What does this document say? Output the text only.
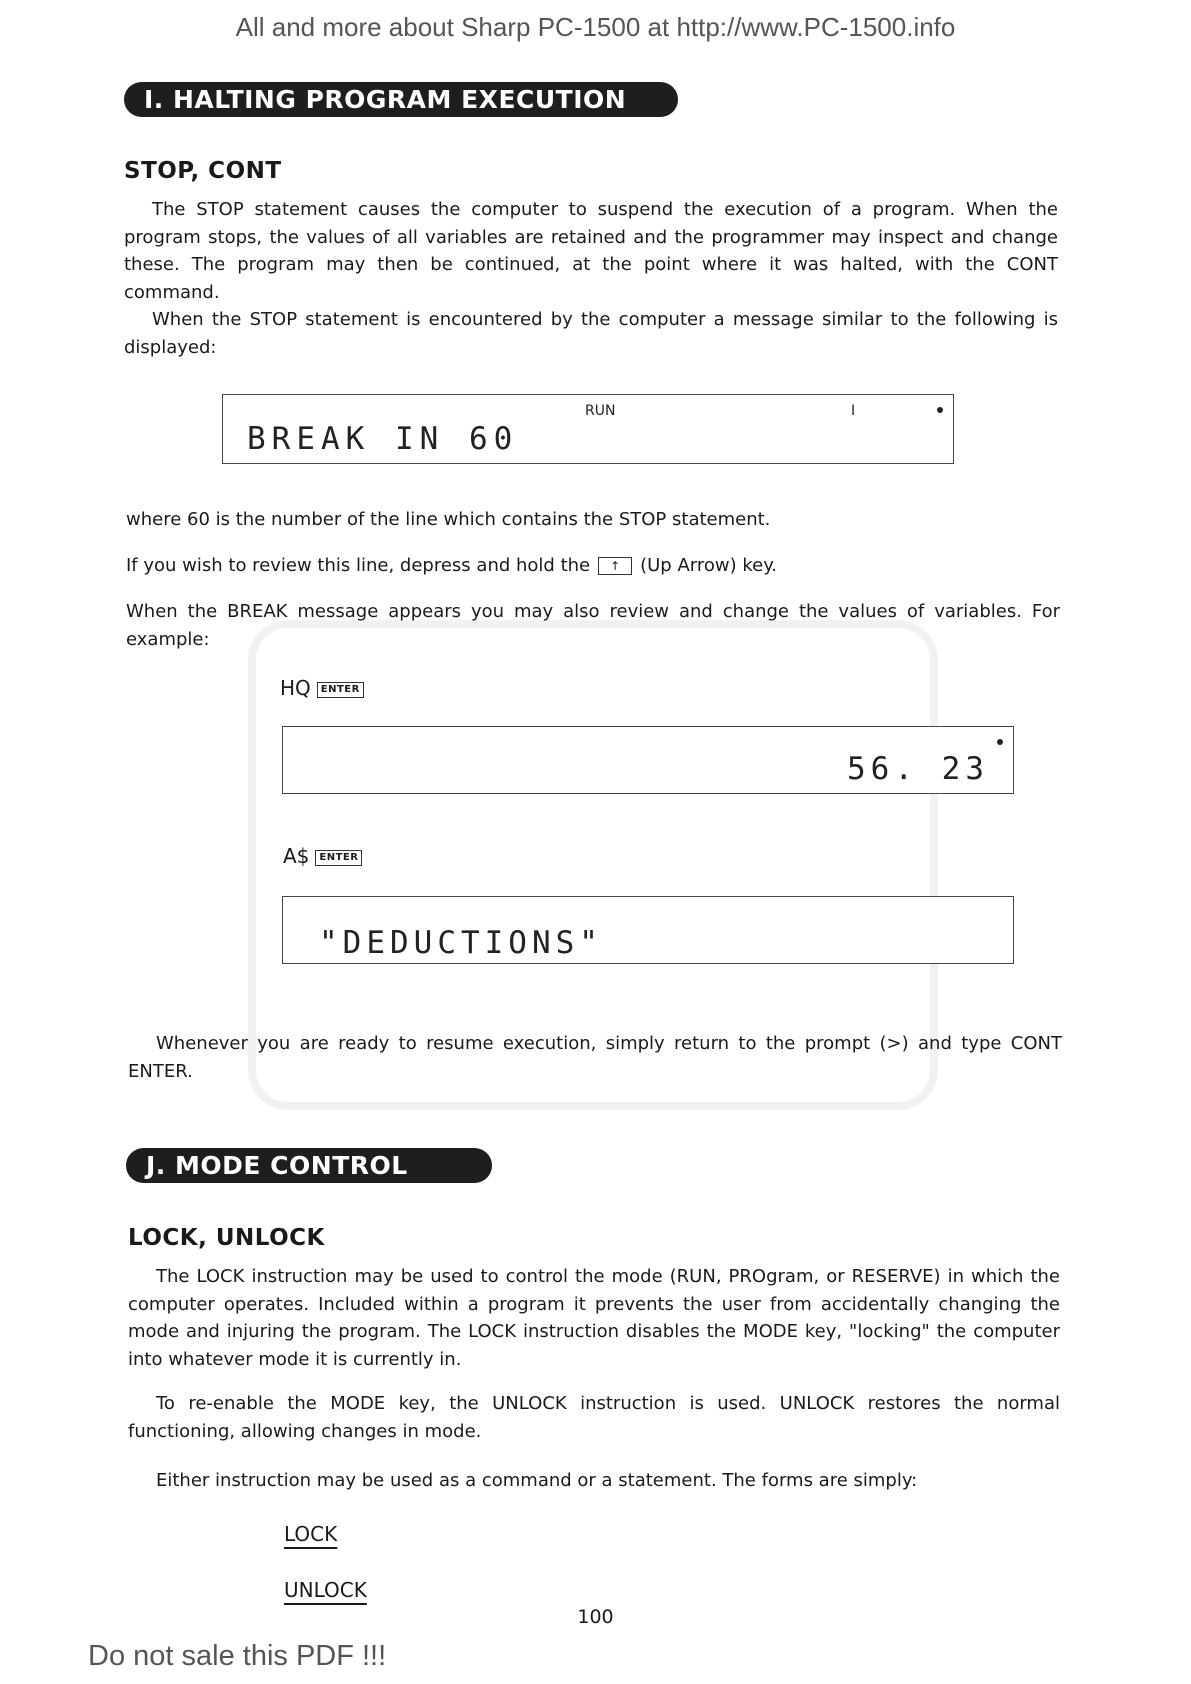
All and more about Sharp PC-1500 at http://www.PC-1500.info
I. HALTING PROGRAM EXECUTION
STOP, CONT

The STOP statement causes the computer to suspend the execution of a program. When the program stops, the values of all variables are retained and the programmer may inspect and change these. The program may then be continued, at the point where it was halted, with the CONT command.

When the STOP statement is encountered by the computer a message similar to the following is displayed:

RUN	I
BREAK IN 60

where 60 is the number of the line which contains the STOP statement.

If you wish to review this line, depress and hold the ↑ (Up Arrow) key.

When the BREAK message appears you may also review and change the values of variables. For example:

HQ ENTER
56. 23
A$ ENTER
"DEDUCTIONS"

Whenever you are ready to resume execution, simply return to the prompt (>) and type CONT ENTER.

J. MODE CONTROL
LOCK, UNLOCK

The LOCK instruction may be used to control the mode (RUN, PROgram, or RESERVE) in which the computer operates. Included within a program it prevents the user from accidentally changing the mode and injuring the program. The LOCK instruction disables the MODE key, "locking" the computer into whatever mode it is currently in.

To re-enable the MODE key, the UNLOCK instruction is used. UNLOCK restores the normal functioning, allowing changes in mode.

Either instruction may be used as a command or a statement. The forms are simply:

LOCK
UNLOCK
100
Do not sale this PDF !!!
